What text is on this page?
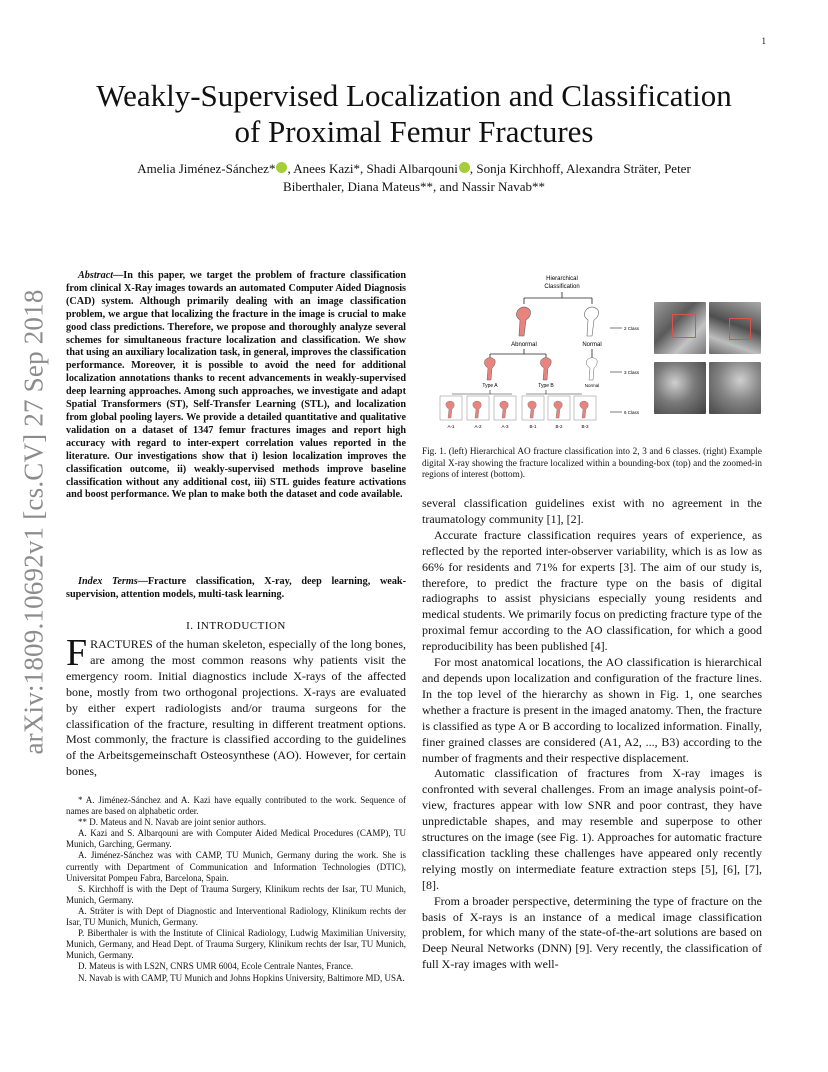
1
arXiv:1809.10692v1 [cs.CV] 27 Sep 2018
Weakly-Supervised Localization and Classification
of Proximal Femur Fractures
Amelia Jiménez-Sánchez* , Anees Kazi*, Shadi Albarqouni , Sonja Kirchhoff, Alexandra Sträter, Peter
Biberthaler, Diana Mateus**, and Nassir Navab**
Abstract—In this paper, we target the problem of fracture classification from clinical X-Ray images towards an automated Computer Aided Diagnosis (CAD) system. Although primarily dealing with an image classification problem, we argue that localizing the fracture in the image is crucial to make good class predictions. Therefore, we propose and thoroughly analyze several schemes for simultaneous fracture localization and classification. We show that using an auxiliary localization task, in general, improves the classification performance. Moreover, it is possible to avoid the need for additional localization annotations thanks to recent advancements in weakly-supervised deep learning approaches. Among such approaches, we investigate and adapt Spatial Transformers (ST), Self-Transfer Learning (STL), and localization from global pooling layers. We provide a detailed quantitative and qualitative validation on a dataset of 1347 femur fractures images and report high accuracy with regard to inter-expert correlation values reported in the literature. Our investigations show that i) lesion localization improves the classification outcome, ii) weakly-supervised methods improve baseline classification without any additional cost, iii) STL guides feature activations and boost performance. We plan to make both the dataset and code available.
Index Terms—Fracture classification, X-ray, deep learning, weak-supervision, attention models, multi-task learning.
I. INTRODUCTION
FRACTURES of the human skeleton, especially of the long bones, are among the most common reasons why patients visit the emergency room. Initial diagnostics include X-rays of the affected bone, mostly from two orthogonal projections. X-rays are evaluated by either expert radiologists and/or trauma surgeons for the classification of the fracture, resulting in different treatment options. Most commonly, the fracture is classified according to the guidelines of the Arbeitsgemeinschaft Osteosynthese (AO). However, for certain bones,

* A. Jiménez-Sánchez and A. Kazi have equally contributed to the work. Sequence of names are based on alphabetic order.

** D. Mateus and N. Navab are joint senior authors.

A. Kazi and S. Albarqouni are with Computer Aided Medical Procedures (CAMP), TU Munich, Garching, Germany.

A. Jiménez-Sánchez was with CAMP, TU Munich, Germany during the work. She is currently with Department of Communication and Information Technologies (DTIC), Universitat Pompeu Fabra, Barcelona, Spain.

S. Kirchhoff is with the Dept of Trauma Surgery, Klinikum rechts der Isar, TU Munich, Munich, Germany.

A. Sträter is with Dept of Diagnostic and Interventional Radiology, Klinikum rechts der Isar, TU Munich, Munich, Germany.

P. Biberthaler is with the Institute of Clinical Radiology, Ludwig Maximilian University, Munich, Germany, and Head Dept. of Trauma Surgery, Klinikum rechts der Isar, TU Munich, Munich, Germany.

D. Mateus is with LS2N, CNRS UMR 6004, Ecole Centrale Nantes, France.

N. Navab is with CAMP, TU Munich and Johns Hopkins University, Baltimore MD, USA.

Hierarchical
Classification
Abnormal	Normal
2 Class
3 Class
6 Class
Type A	Type B	Normal
A-1	A-2	A-3	B-1	B-2	B-3
Fig. 1. (left) Hierarchical AO fracture classification into 2, 3 and 6 classes. (right) Example digital X-ray showing the fracture localized within a bounding-box (top) and the zoomed-in regions of interest (bottom).

several classification guidelines exist with no agreement in the traumatology community [1], [2].

Accurate fracture classification requires years of experience, as reflected by the reported inter-observer variability, which is as low as 66% for residents and 71% for experts [3]. The aim of our study is, therefore, to predict the fracture type on the basis of digital radiographs to assist physicians especially young residents and medical students. We primarily focus on predicting fracture type of the proximal femur according to the AO classification, for which a good reproducibility has been published [4].

For most anatomical locations, the AO classification is hierarchical and depends upon localization and configuration of the fracture lines. In the top level of the hierarchy as shown in Fig. 1, one searches whether a fracture is present in the imaged anatomy. Then, the fracture is classified as type A or B according to localized information. Finally, finer grained classes are considered (A1, A2, ..., B3) according to the number of fragments and their respective displacement.

Automatic classification of fractures from X-ray images is confronted with several challenges. From an image analysis point-of-view, fractures appear with low SNR and poor contrast, they have unpredictable shapes, and may resemble and superpose to other structures on the image (see Fig. 1). Approaches for automatic fracture classification tackling these challenges have appeared only recently relying mostly on intermediate feature extraction steps [5], [6], [7], [8].

From a broader perspective, determining the type of fracture on the basis of X-rays is an instance of a medical image classification problem, for which many of the state-of-the-art solutions are based on Deep Neural Networks (DNN) [9]. Very recently, the classification of full X-ray images with well-
